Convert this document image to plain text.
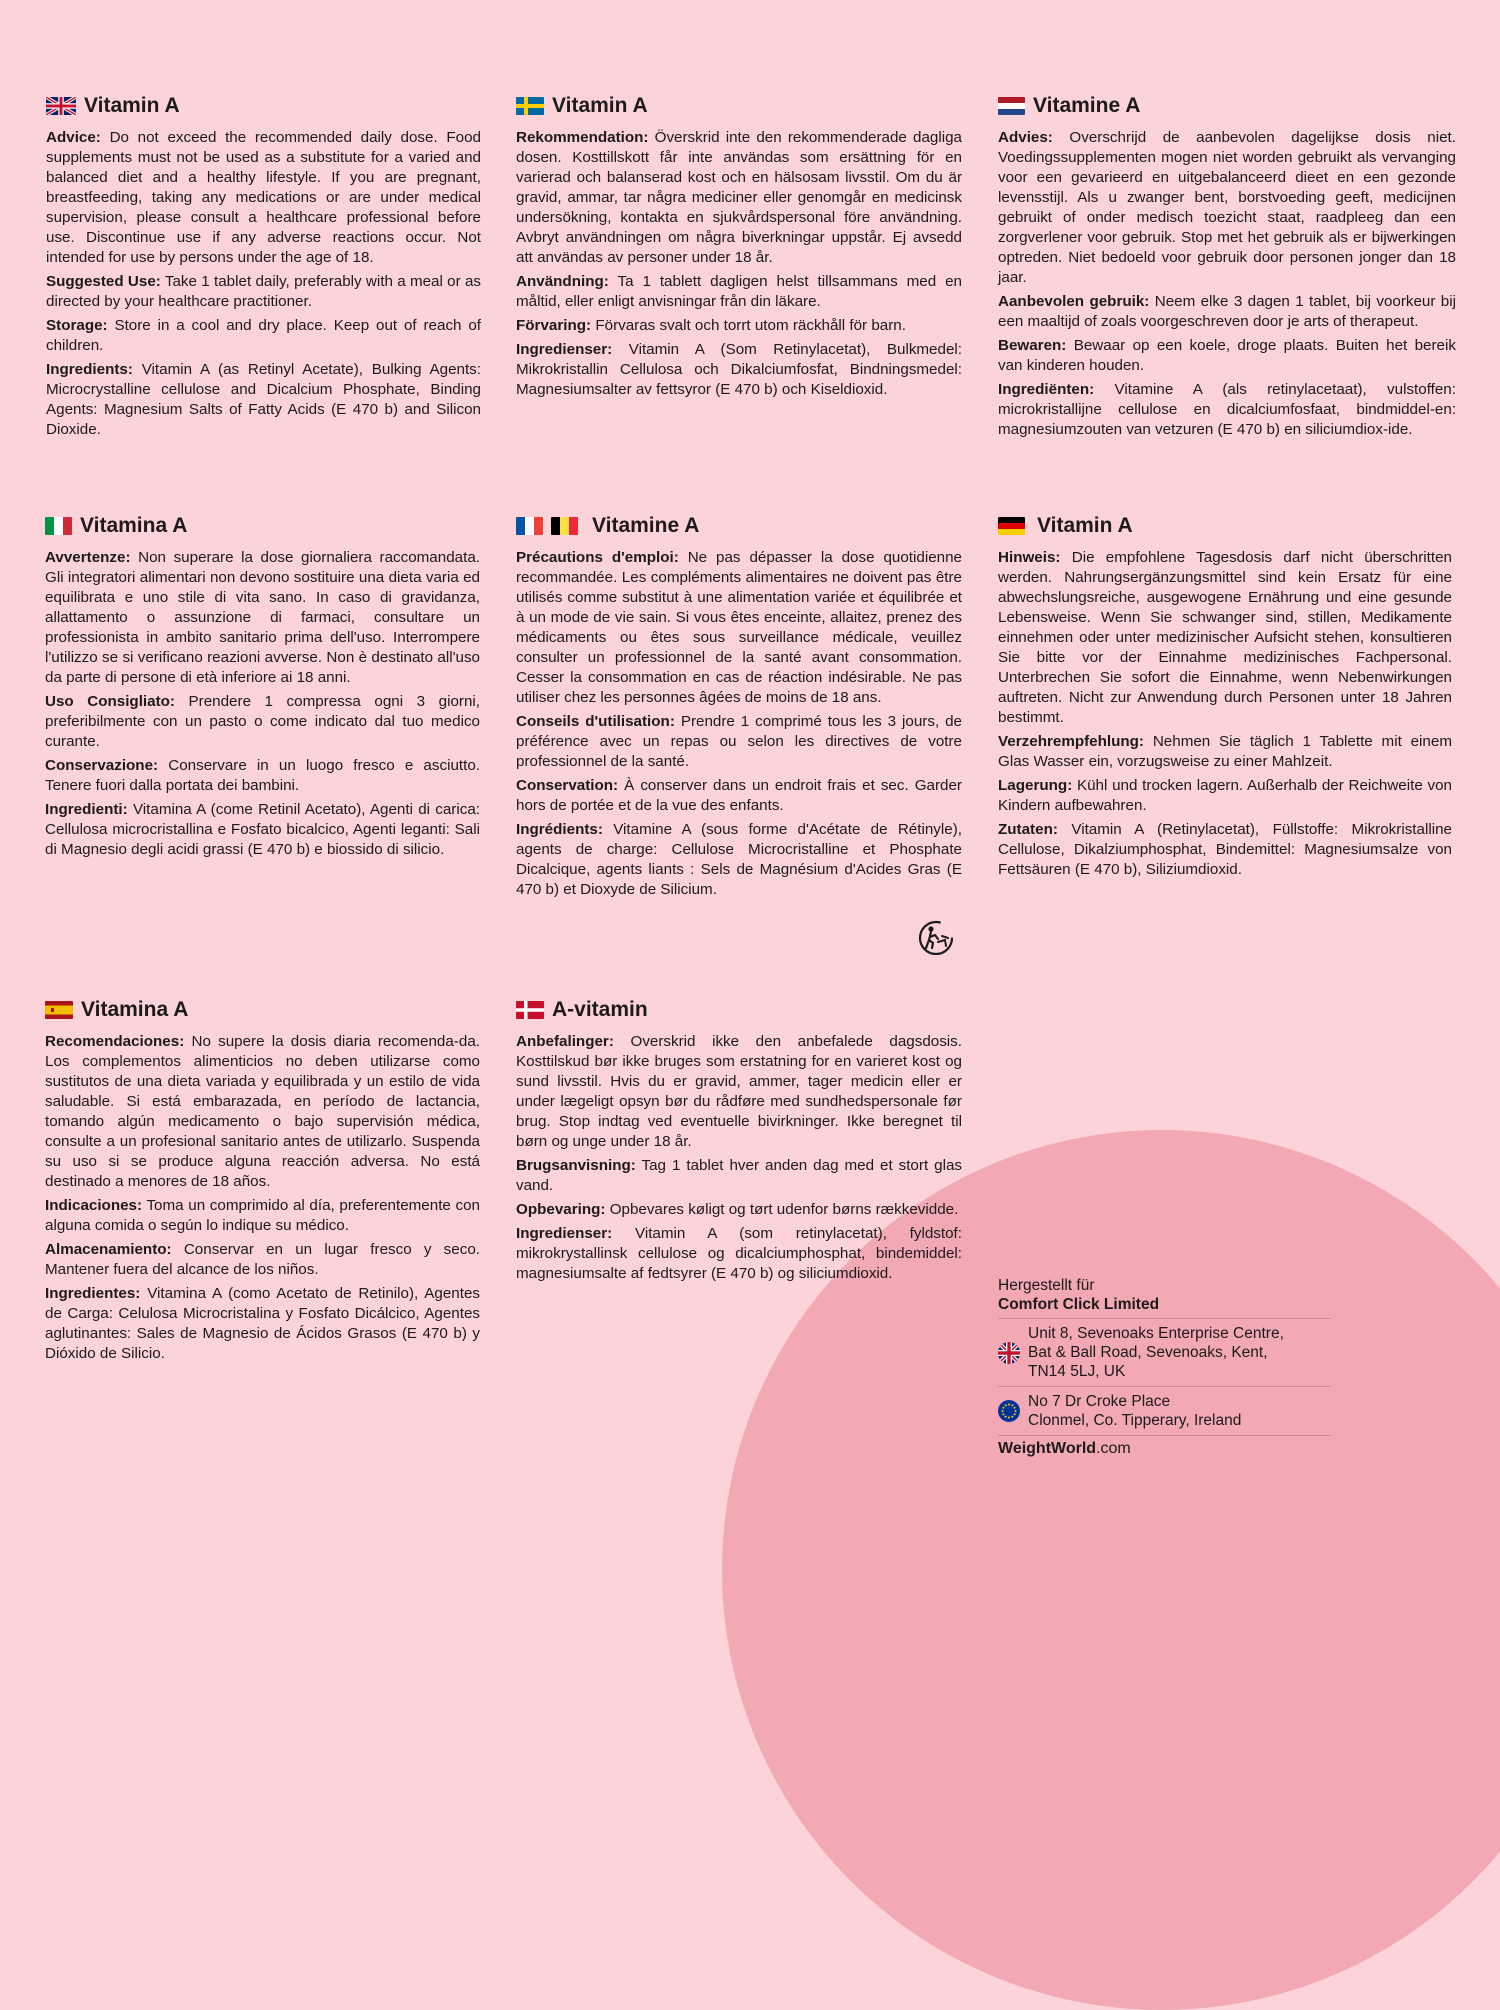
Vitamin A

Advice: Do not exceed the recommended daily dose. Food supplements must not be used as a substitute for a varied and balanced diet and a healthy lifestyle. If you are pregnant, breastfeeding, taking any medications or are under medical supervision, please consult a healthcare professional before use. Discontinue use if any adverse reactions occur. Not intended for use by persons under the age of 18.

Suggested Use: Take 1 tablet daily, preferably with a meal or as directed by your healthcare practitioner.

Storage: Store in a cool and dry place. Keep out of reach of children.

Ingredients: Vitamin A (as Retinyl Acetate), Bulking Agents: Microcrystalline cellulose and Dicalcium Phosphate, Binding Agents: Magnesium Salts of Fatty Acids (E 470 b) and Silicon Dioxide.

Vitamin A

Rekommendation: Överskrid inte den rekommenderade dagliga dosen. Kosttillskott får inte användas som ersättning för en varierad och balanserad kost och en hälsosam livsstil. Om du är gravid, ammar, tar några mediciner eller genomgår en medicinsk undersökning, kontakta en sjukvårdspersonal före användning. Avbryt användningen om några biverkningar uppstår. Ej avsedd att användas av personer under 18 år.

Användning: Ta 1 tablett dagligen helst tillsammans med en måltid, eller enligt anvisningar från din läkare.

Förvaring: Förvaras svalt och torrt utom räckhåll för barn.

Ingredienser: Vitamin A (Som Retinylacetat), Bulkmedel: Mikrokristallin Cellulosa och Dikalciumfosfat, Bindningsmedel: Magnesiumsalter av fettsyror (E 470 b) och Kiseldioxid.

Vitamine A

Advies: Overschrijd de aanbevolen dagelijkse dosis niet. Voedingssupplementen mogen niet worden gebruikt als vervanging voor een gevarieerd en uitgebalanceerd dieet en een gezonde levensstijl. Als u zwanger bent, borstvoeding geeft, medicijnen gebruikt of onder medisch toezicht staat, raadpleeg dan een zorgverlener voor gebruik. Stop met het gebruik als er bijwerkingen optreden. Niet bedoeld voor gebruik door personen jonger dan 18 jaar.

Aanbevolen gebruik: Neem elke 3 dagen 1 tablet, bij voorkeur bij een maaltijd of zoals voorgeschreven door je arts of therapeut.

Bewaren: Bewaar op een koele, droge plaats. Buiten het bereik van kinderen houden.

Ingrediënten: Vitamine A (als retinylacetaat), vulstoffen: microkristallijne cellulose en dicalciumfosfaat, bindmiddel-en: magnesiumzouten van vetzuren (E 470 b) en siliciumdiox-ide.

Vitamina A

Avvertenze: Non superare la dose giornaliera raccomandata. Gli integratori alimentari non devono sostituire una dieta varia ed equilibrata e uno stile di vita sano. In caso di gravidanza, allattamento o assunzione di farmaci, consultare un professionista in ambito sanitario prima dell'uso. Interrompere l'utilizzo se si verificano reazioni avverse. Non è destinato all'uso da parte di persone di età inferiore ai 18 anni.

Uso Consigliato: Prendere 1 compressa ogni 3 giorni, preferibilmente con un pasto o come indicato dal tuo medico curante.

Conservazione: Conservare in un luogo fresco e asciutto. Tenere fuori dalla portata dei bambini.

Ingredienti: Vitamina A (come Retinil Acetato), Agenti di carica: Cellulosa microcristallina e Fosfato bicalcico, Agenti leganti: Sali di Magnesio degli acidi grassi (E 470 b) e biossido di silicio.

Vitamine A

Précautions d'emploi: Ne pas dépasser la dose quotidienne recommandée. Les compléments alimentaires ne doivent pas être utilisés comme substitut à une alimentation variée et équilibrée et à un mode de vie sain. Si vous êtes enceinte, allaitez, prenez des médicaments ou êtes sous surveillance médicale, veuillez consulter un professionnel de la santé avant consommation. Cesser la consommation en cas de réaction indésirable. Ne pas utiliser chez les personnes âgées de moins de 18 ans.

Conseils d'utilisation: Prendre 1 comprimé tous les 3 jours, de préférence avec un repas ou selon les directives de votre professionnel de la santé.

Conservation: À conserver dans un endroit frais et sec. Garder hors de portée et de la vue des enfants.

Ingrédients: Vitamine A (sous forme d'Acétate de Rétinyle), agents de charge: Cellulose Microcristalline et Phosphate Dicalcique, agents liants : Sels de Magnésium d'Acides Gras (E 470 b) et Dioxyde de Silicium.

Vitamin A

Hinweis: Die empfohlene Tagesdosis darf nicht überschritten werden. Nahrungsergänzungsmittel sind kein Ersatz für eine abwechslungsreiche, ausgewogene Ernährung und eine gesunde Lebensweise. Wenn Sie schwanger sind, stillen, Medikamente einnehmen oder unter medizinischer Aufsicht stehen, konsultieren Sie bitte vor der Einnahme medizinisches Fachpersonal. Unterbrechen Sie sofort die Einnahme, wenn Nebenwirkungen auftreten. Nicht zur Anwendung durch Personen unter 18 Jahren bestimmt.

Verzehrempfehlung: Nehmen Sie täglich 1 Tablette mit einem Glas Wasser ein, vorzugsweise zu einer Mahlzeit.

Lagerung: Kühl und trocken lagern. Außerhalb der Reichweite von Kindern aufbewahren.

Zutaten: Vitamin A (Retinylacetat), Füllstoffe: Mikrokristalline Cellulose, Dikalziumphosphat, Bindemittel: Magnesiumsalze von Fettsäuren (E 470 b), Siliziumdioxid.

Vitamina A

Recomendaciones: No supere la dosis diaria recomenda-da. Los complementos alimenticios no deben utilizarse como sustitutos de una dieta variada y equilibrada y un estilo de vida saludable. Si está embarazada, en período de lactancia, tomando algún medicamento o bajo supervisión médica, consulte a un profesional sanitario antes de utilizarlo. Suspenda su uso si se produce alguna reacción adversa. No está destinado a menores de 18 años.

Indicaciones: Toma un comprimido al día, preferentemente con alguna comida o según lo indique su médico.

Almacenamiento: Conservar en un lugar fresco y seco. Mantener fuera del alcance de los niños.

Ingredientes: Vitamina A (como Acetato de Retinilo), Agentes de Carga: Celulosa Microcristalina y Fosfato Dicálcico, Agentes aglutinantes: Sales de Magnesio de Ácidos Grasos (E 470 b) y Dióxido de Silicio.

A-vitamin

Anbefalinger: Overskrid ikke den anbefalede dagsdosis. Kosttilskud bør ikke bruges som erstatning for en varieret kost og sund livsstil. Hvis du er gravid, ammer, tager medicin eller er under lægeligt opsyn bør du rådføre med sundhedspersonale før brug. Stop indtag ved eventuelle bivirkninger. Ikke beregnet til børn og unge under 18 år.

Brugsanvisning: Tag 1 tablet hver anden dag med et stort glas vand.

Opbevaring: Opbevares køligt og tørt udenfor børns rækkevidde.

Ingredienser: Vitamin A (som retinylacetat), fyldstof: mikrokrystallinsk cellulose og dicalciumphosphat, bindemiddel: magnesiumsalte af fedtsyrer (E 470 b) og siliciumdioxid.

Hergestellt für
Comfort Click Limited
Unit 8, Sevenoaks Enterprise Centre,
Bat & Ball Road, Sevenoaks, Kent,
TN14 5LJ, UK
No 7 Dr Croke Place
Clonmel, Co. Tipperary, Ireland
WeightWorld.com
